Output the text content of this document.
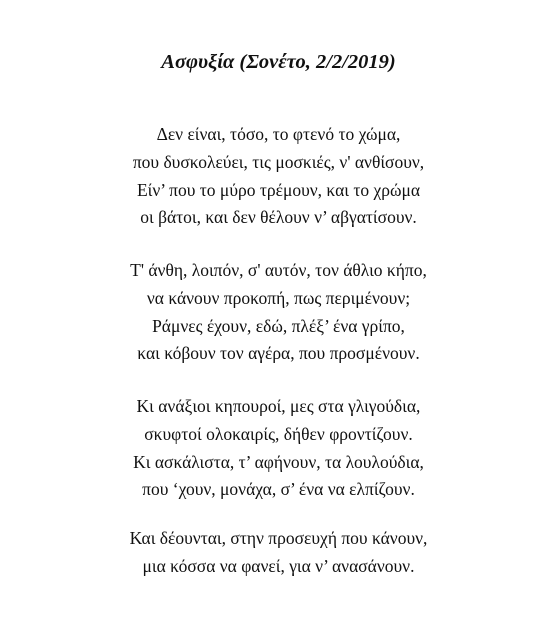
Ασφυξία (Σονέτο, 2/2/2019)
Δεν είναι, τόσο, το φτενό το χώμα,
που δυσκολεύει, τις μοσκιές, ν' ανθίσουν,
Είν’ που το μύρο τρέμουν, και το χρώμα
οι βάτοι, και δεν θέλουν ν’ αβγατίσουν.
Τ' άνθη, λοιπόν, σ' αυτόν, τον άθλιο κήπο,
να κάνουν προκοπή, πως περιμένουν;
Ράμνες έχουν, εδώ, πλέξ’ ένα γρίπο,
και κόβουν τον αγέρα, που προσμένουν.
Κι ανάξιοι κηπουροί, μες στα γλιγούδια,
σκυφτοί ολοκαιρίς, δήθεν φροντίζουν.
Κι ασκάλιστα, τ’ αφήνουν, τα λουλούδια,
που ‘χουν, μονάχα, σ’ ένα να ελπίζουν.
Και δέουνται, στην προσευχή που κάνουν,
μια κόσσα να φανεί, για ν’ ανασάνουν.
